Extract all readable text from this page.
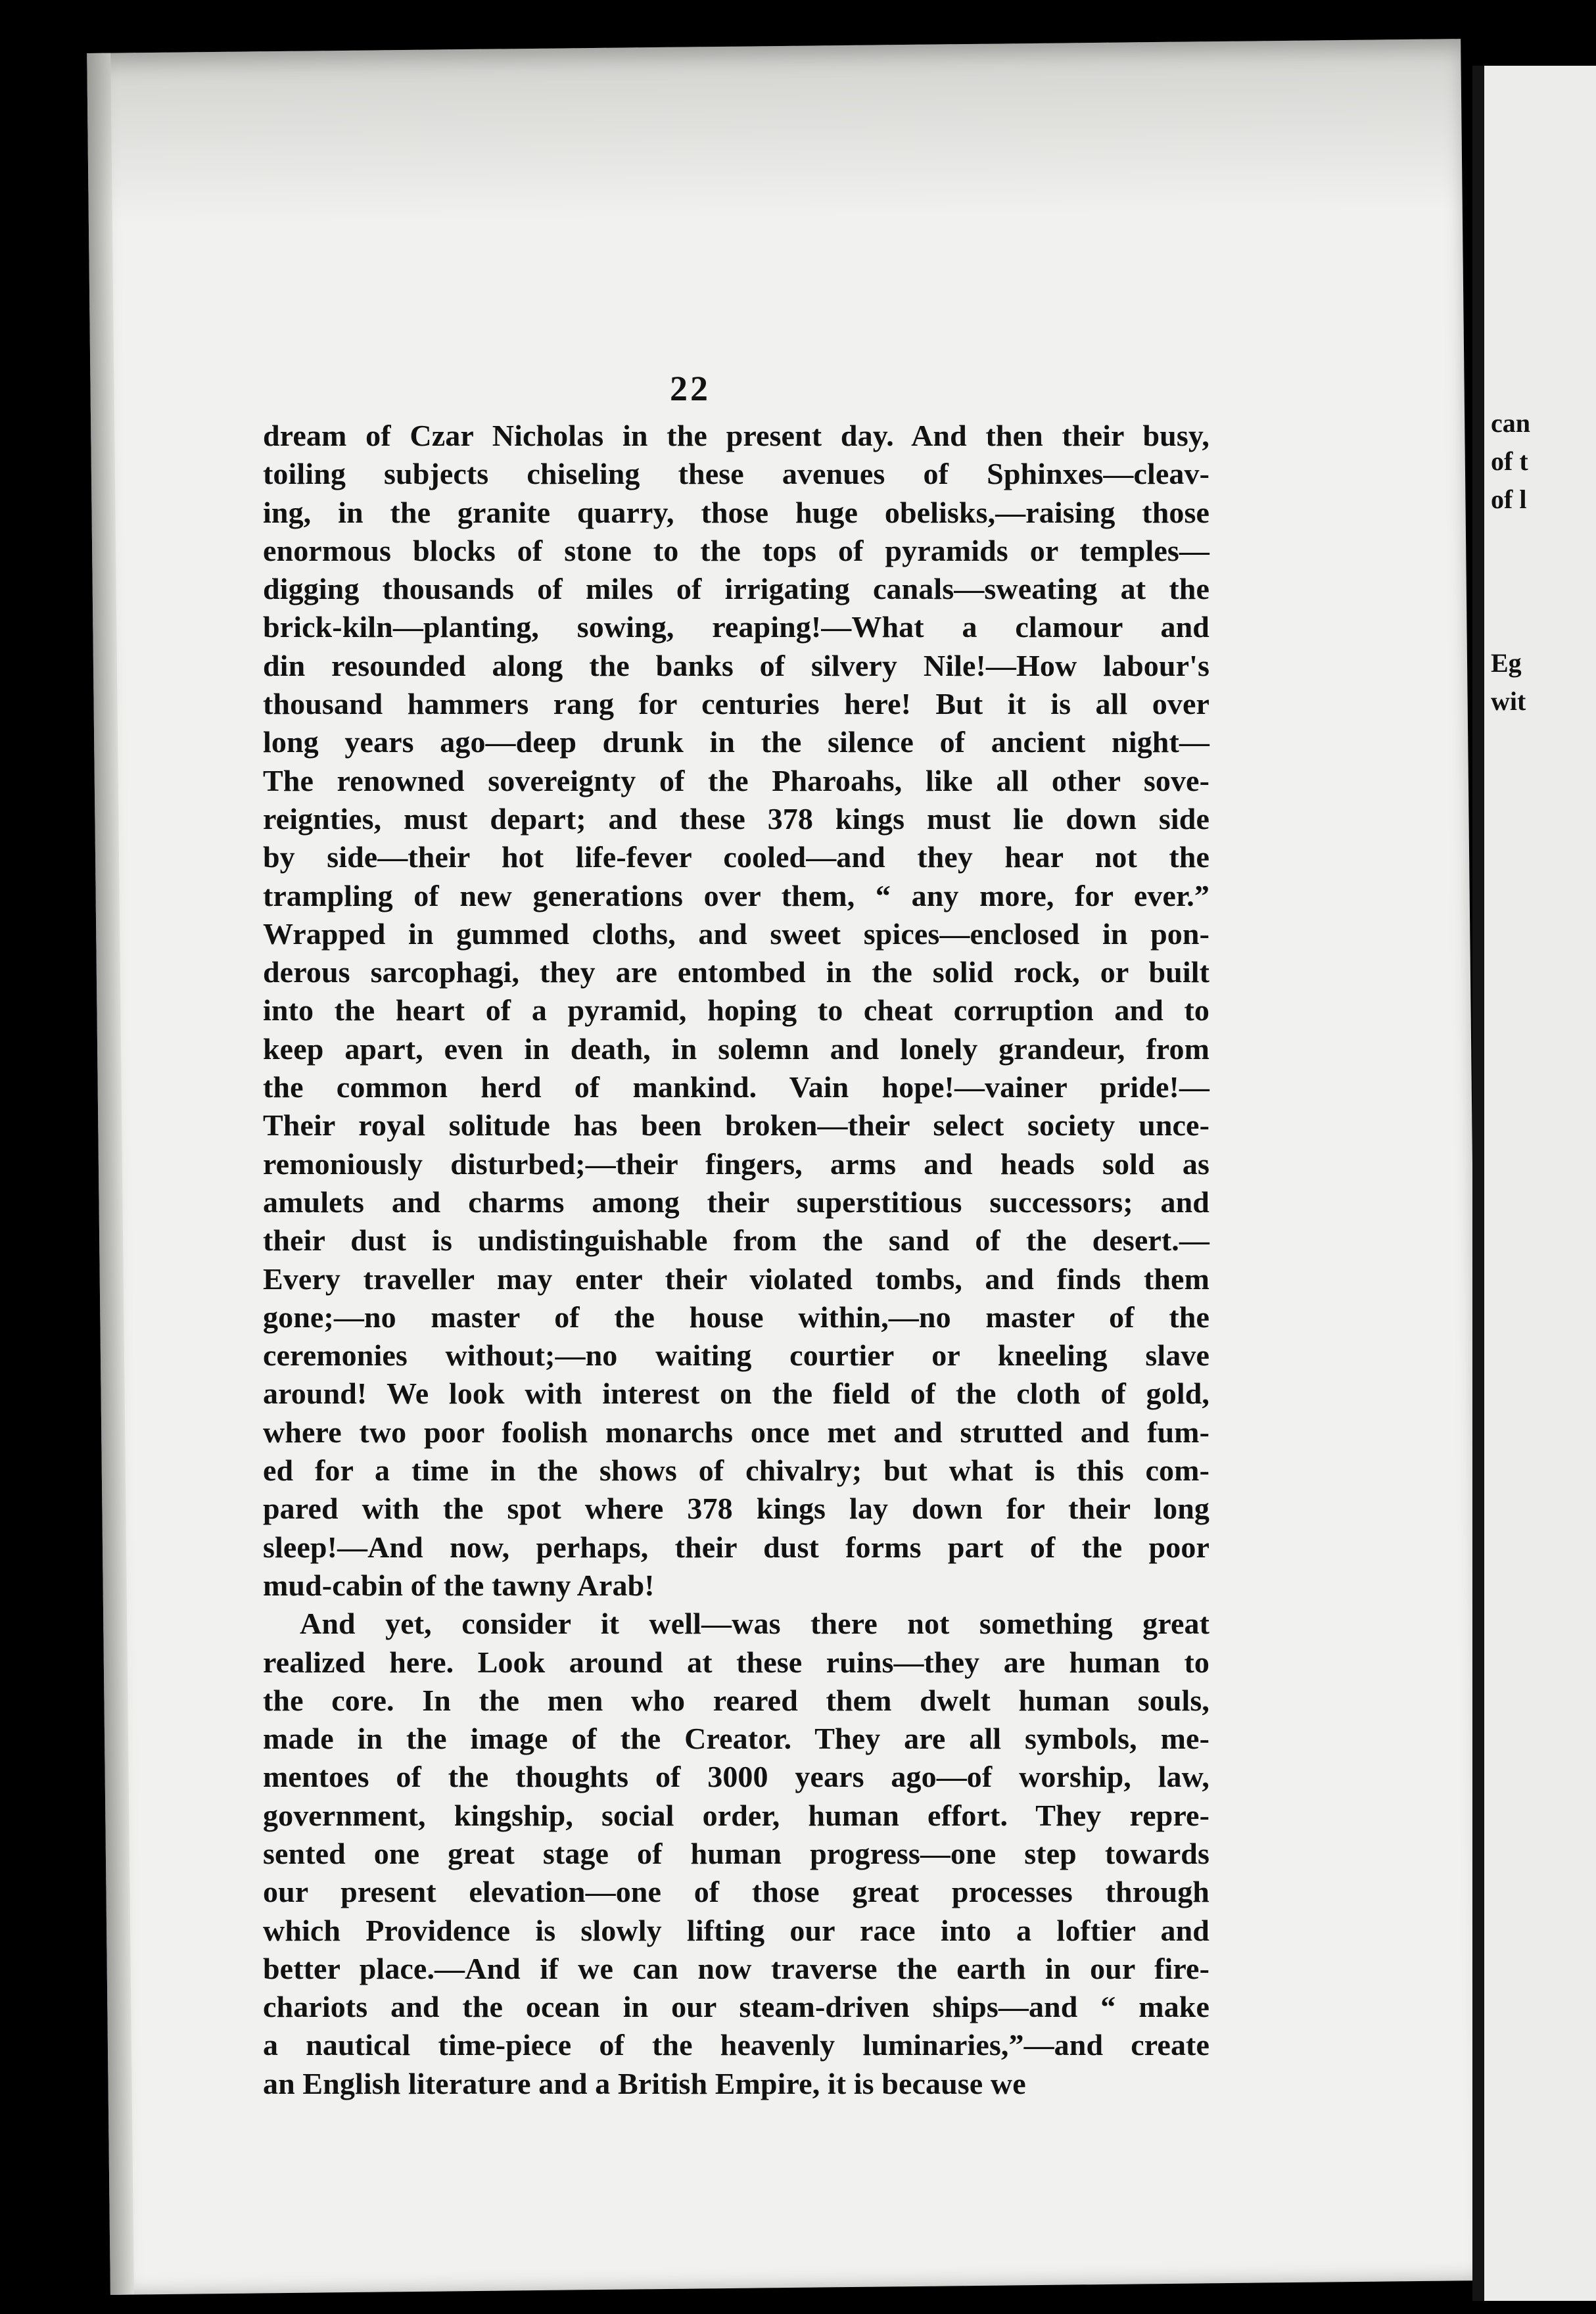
can
of t
of l
Eg
wit
22
dream of Czar Nicholas in the present day. And then their busy,
toiling subjects chiseling these avenues of Sphinxes—cleav-
ing, in the granite quarry, those huge obelisks,—raising those
enormous blocks of stone to the tops of pyramids or temples—
digging thousands of miles of irrigating canals—sweating at the
brick-kiln—planting, sowing, reaping!—What a clamour and
din resounded along the banks of silvery Nile!—How labour's
thousand hammers rang for centuries here! But it is all over
long years ago—deep drunk in the silence of ancient night—
The renowned sovereignty of the Pharoahs, like all other sove-
reignties, must depart; and these 378 kings must lie down side
by side—their hot life-fever cooled—and they hear not the
trampling of new generations over them, “ any more, for ever.”
Wrapped in gummed cloths, and sweet spices—enclosed in pon-
derous sarcophagi, they are entombed in the solid rock, or built
into the heart of a pyramid, hoping to cheat corruption and to
keep apart, even in death, in solemn and lonely grandeur, from
the common herd of mankind. Vain hope!—vainer pride!—
Their royal solitude has been broken—their select society unce-
remoniously disturbed;—their fingers, arms and heads sold as
amulets and charms among their superstitious successors; and
their dust is undistinguishable from the sand of the desert.—
Every traveller may enter their violated tombs, and finds them
gone;—no master of the house within,—no master of the
ceremonies without;—no waiting courtier or kneeling slave
around! We look with interest on the field of the cloth of gold,
where two poor foolish monarchs once met and strutted and fum-
ed for a time in the shows of chivalry; but what is this com-
pared with the spot where 378 kings lay down for their long
sleep!—And now, perhaps, their dust forms part of the poor
mud-cabin of the tawny Arab!
And yet, consider it well—was there not something great
realized here. Look around at these ruins—they are human to
the core. In the men who reared them dwelt human souls,
made in the image of the Creator. They are all symbols, me-
mentoes of the thoughts of 3000 years ago—of worship, law,
government, kingship, social order, human effort. They repre-
sented one great stage of human progress—one step towards
our present elevation—one of those great processes through
which Providence is slowly lifting our race into a loftier and
better place.—And if we can now traverse the earth in our fire-
chariots and the ocean in our steam-driven ships—and “ make
a nautical time-piece of the heavenly luminaries,”—and create
an English literature and a British Empire, it is because we
